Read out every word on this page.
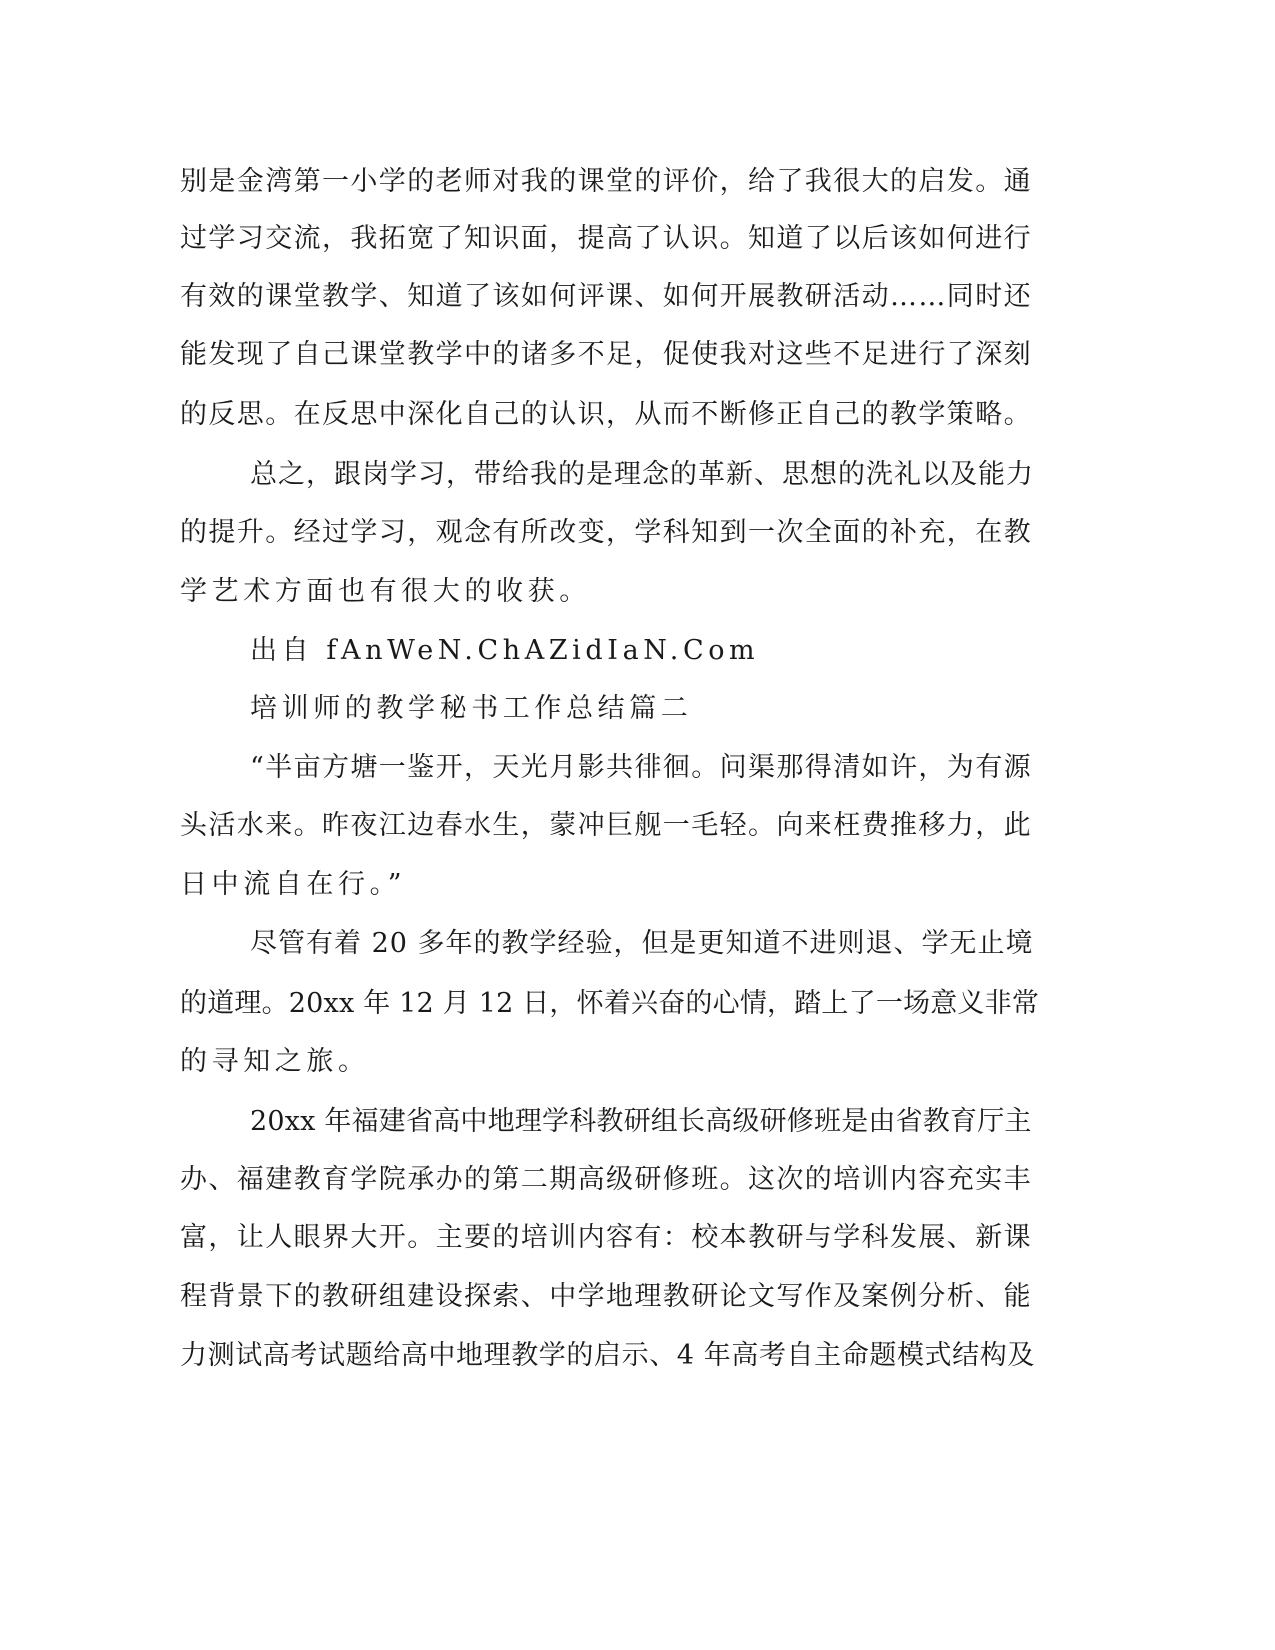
别是金湾第一小学的老师对我的课堂的评价，给了我很大的启发。通
过学习交流，我拓宽了知识面，提高了认识。知道了以后该如何进行
有效的课堂教学、知道了该如何评课、如何开展教研活动……同时还
能发现了自己课堂教学中的诸多不足，促使我对这些不足进行了深刻
的反思。在反思中深化自己的认识，从而不断修正自己的教学策略。
总之，跟岗学习，带给我的是理念的革新、思想的洗礼以及能力
的提升。经过学习，观念有所改变，学科知到一次全面的补充，在教
学艺术方面也有很大的收获。
出自 fAnWeN.ChAZidIaN.Com
培训师的教学秘书工作总结篇二
“半亩方塘一鉴开，天光月影共徘徊。问渠那得清如许，为有源
头活水来。昨夜江边春水生，蒙冲巨舰一毛轻。向来枉费推移力，此
日中流自在行。”
尽管有着 20 多年的教学经验，但是更知道不进则退、学无止境
的道理。20xx 年 12 月 12 日，怀着兴奋的心情，踏上了一场意义非常
的寻知之旅。
20xx 年福建省高中地理学科教研组长高级研修班是由省教育厅主
办、福建教育学院承办的第二期高级研修班。这次的培训内容充实丰
富，让人眼界大开。主要的培训内容有：校本教研与学科发展、新课
程背景下的教研组建设探索、中学地理教研论文写作及案例分析、能
力测试高考试题给高中地理教学的启示、4 年高考自主命题模式结构及
